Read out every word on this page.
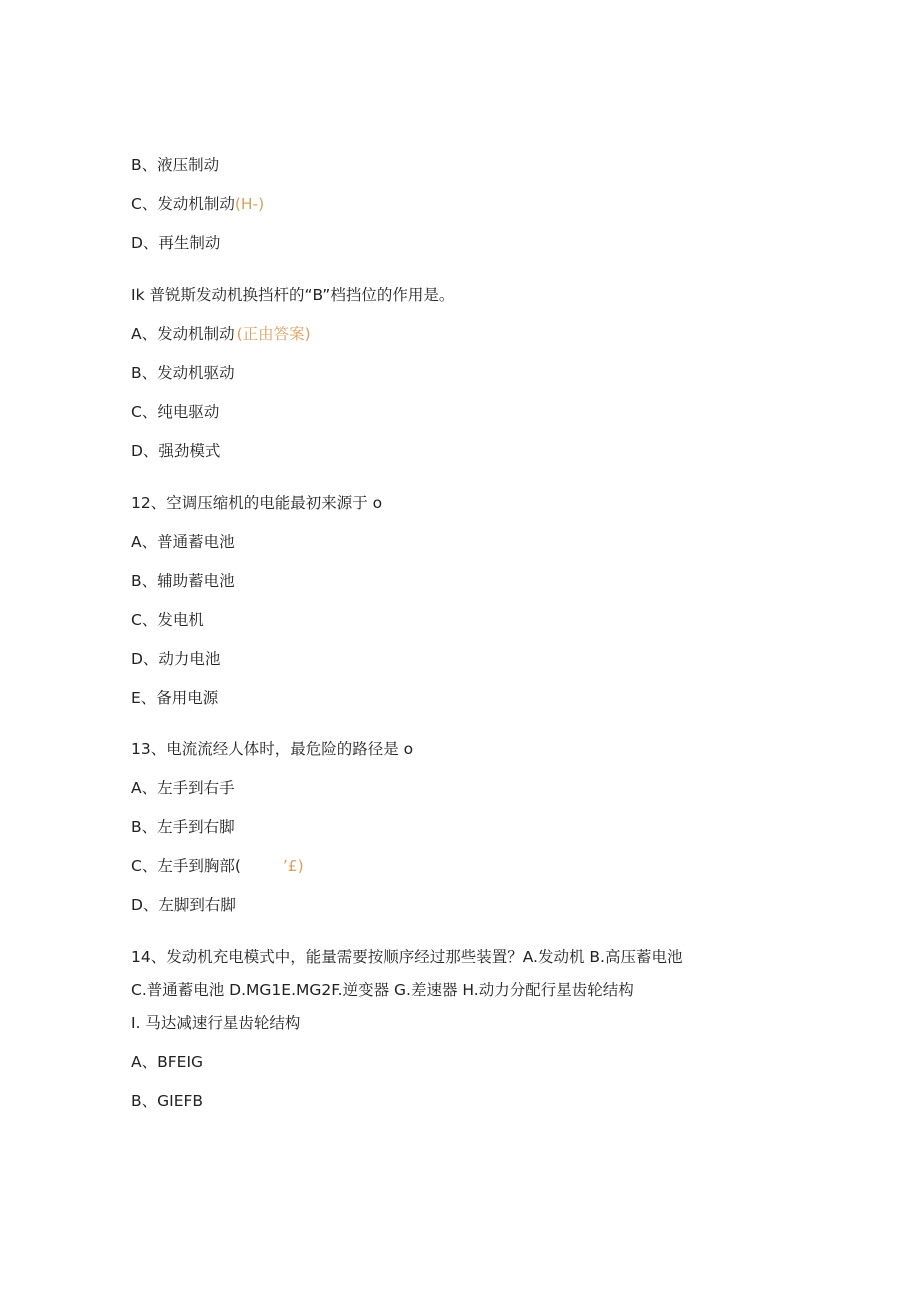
B、液压制动
C、发动机制动(H-)
D、再生制动
Ik 普锐斯发动机换挡杆的“B”档挡位的作用是。
A、发动机制动 (正由答案)
B、发动机驱动
C、纯电驱动
D、强劲模式
12、空调压缩机的电能最初来源于 o
A、普通蓄电池
B、辅助蓄电池
C、发电机
D、动力电池
E、备用电源
13、电流流经人体时，最危险的路径是 o
A、左手到右手
B、左手到右脚
C、左手到胸部(	’£)
D、左脚到右脚
14、发动机充电模式中，能量需要按顺序经过那些装置？A.发动机 B.高压蓄电池
C.普通蓄电池 D.MG1E.MG2F.逆变器 G.差速器 H.动力分配行星齿轮结构
I. 马达减速行星齿轮结构
A、BFEIG
B、GIEFB
